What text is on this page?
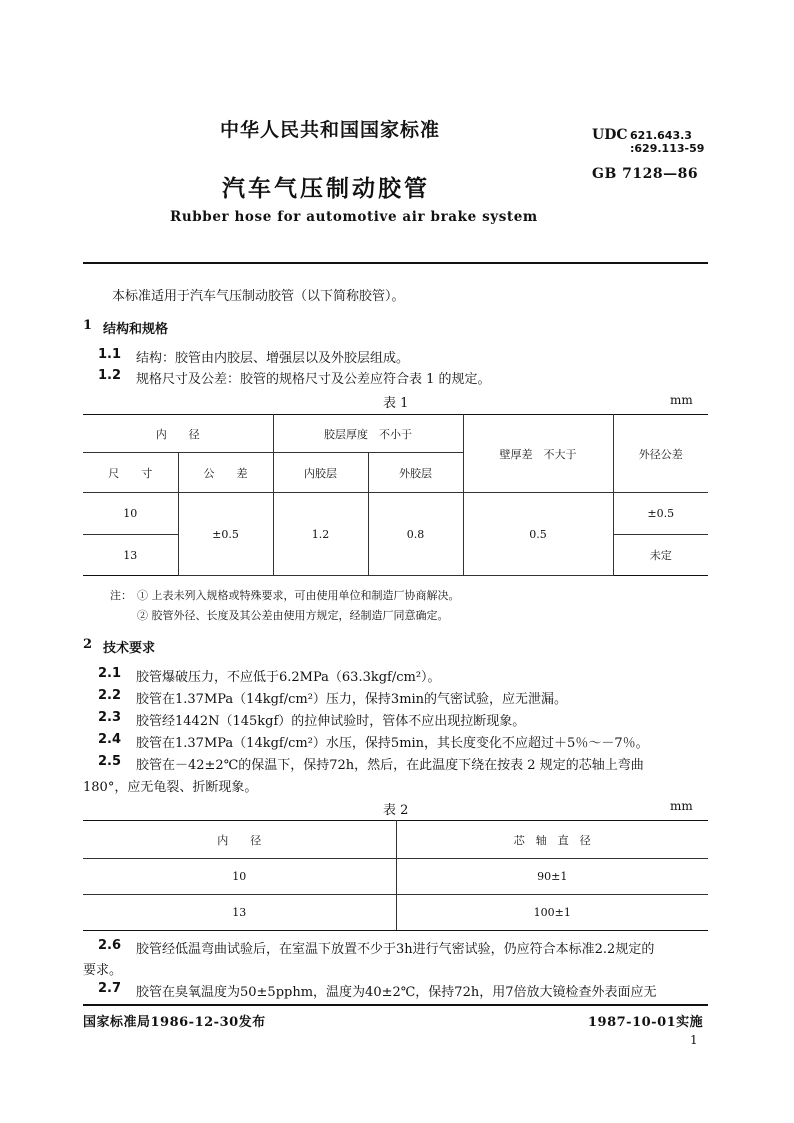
中华人民共和国国家标准
汽车气压制动胶管
Rubber hose for automotive air brake system
UDC 621.643.3
:629.113-59
GB 7128—86
本标准适用于汽车气压制动胶管（以下简称胶管）。
1 结构和规格
1.1 结构：胶管由内胶层、增强层以及外胶层组成。
1.2 规格尺寸及公差：胶管的规格尺寸及公差应符合表 1 的规定。
表 1	mm
内　　径		胶层厚度　不小于		壁厚差　不大于	外径公差
尺　　寸	公　　差	内胶层	外胶层		
10	±0.5	1.2	0.8	0.5	±0.5
13					未定
注： ① 上表未列入规格或特殊要求，可由使用单位和制造厂协商解决。
② 胶管外径、长度及其公差由使用方规定，经制造厂同意确定。
2 技术要求
2.1 胶管爆破压力，不应低于6.2MPa（63.3kgf/cm²）。
2.2 胶管在1.37MPa（14kgf/cm²）压力，保持3min的气密试验，应无泄漏。
2.3 胶管经1442N（145kgf）的拉伸试验时，管体不应出现拉断现象。
2.4 胶管在1.37MPa（14kgf/cm²）水压，保持5min，其长度变化不应超过＋5％～－7％。
2.5 胶管在－42±2℃的保温下，保持72h，然后，在此温度下绕在按表 2 规定的芯轴上弯曲
180°，应无龟裂、折断现象。
表 2	mm
内　　径	芯　轴　直　径
10	90±1
13	100±1
2.6 胶管经低温弯曲试验后，在室温下放置不少于3h进行气密试验，仍应符合本标准2.2规定的
要求。
2.7 胶管在臭氧温度为50±5pphm，温度为40±2℃，保持72h，用7倍放大镜检查外表面应无
国家标准局1986-12-30发布	1987-10-01实施
1
